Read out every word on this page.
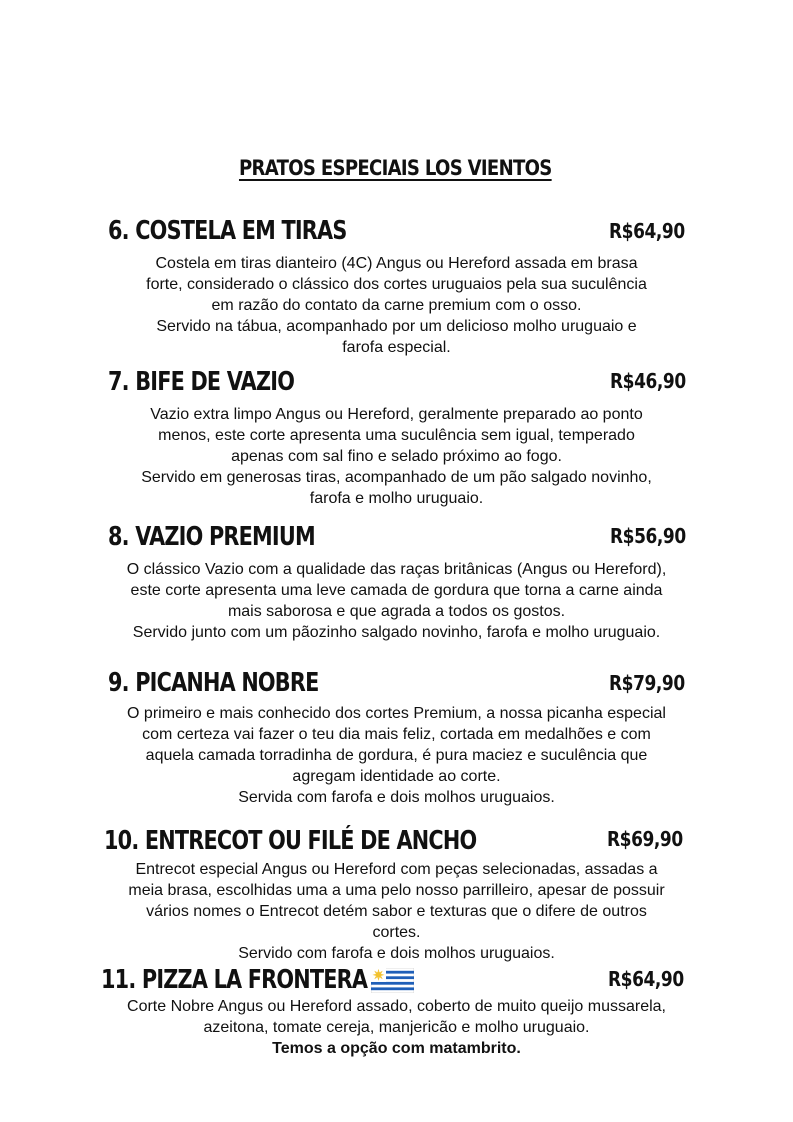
PRATOS ESPECIAIS LOS VIENTOS
6. COSTELA EM TIRAS	R$64,90
Costela em tiras dianteiro (4C) Angus ou Hereford assada em brasa
forte, considerado o clássico dos cortes uruguaios pela sua suculência
em razão do contato da carne premium com o osso.
Servido na tábua, acompanhado por um delicioso molho uruguaio e
farofa especial.
7. BIFE DE VAZIO	R$46,90
Vazio extra limpo Angus ou Hereford, geralmente preparado ao ponto
menos, este corte apresenta uma suculência sem igual, temperado
apenas com sal fino e selado próximo ao fogo.
Servido em generosas tiras, acompanhado de um pão salgado novinho,
farofa e molho uruguaio.
8. VAZIO PREMIUM	R$56,90
O clássico Vazio com a qualidade das raças britânicas (Angus ou Hereford),
este corte apresenta uma leve camada de gordura que torna a carne ainda
mais saborosa e que agrada a todos os gostos.
Servido junto com um pãozinho salgado novinho, farofa e molho uruguaio.
9. PICANHA NOBRE	R$79,90
O primeiro e mais conhecido dos cortes Premium, a nossa picanha especial
com certeza vai fazer o teu dia mais feliz, cortada em medalhões e com
aquela camada torradinha de gordura, é pura maciez e suculência que
agregam identidade ao corte.
Servida com farofa e dois molhos uruguaios.
10. ENTRECOT OU FILÉ DE ANCHO	R$69,90
Entrecot especial Angus ou Hereford com peças selecionadas, assadas a
meia brasa, escolhidas uma a uma pelo nosso parrilleiro, apesar de possuir
vários nomes o Entrecot detém sabor e texturas que o difere de outros
cortes.
Servido com farofa e dois molhos uruguaios.
11. PIZZA LA FRONTERA	R$64,90
Corte Nobre Angus ou Hereford assado, coberto de muito queijo mussarela,
azeitona, tomate cereja, manjericão e molho uruguaio.
Temos a opção com matambrito.
